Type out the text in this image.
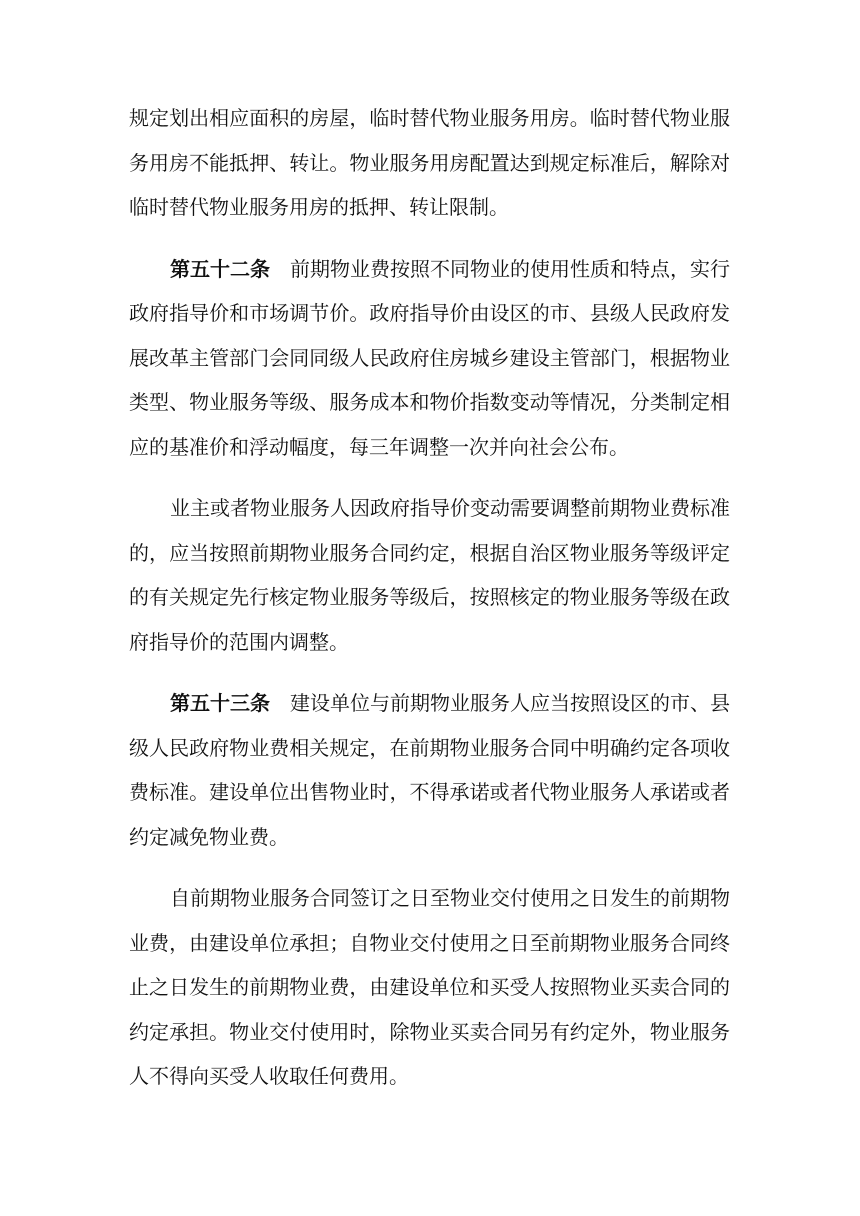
规定划出相应面积的房屋，临时替代物业服务用房。临时替代物业服务用房不能抵押、转让。物业服务用房配置达到规定标准后，解除对临时替代物业服务用房的抵押、转让限制。

第五十二条 前期物业费按照不同物业的使用性质和特点，实行政府指导价和市场调节价。政府指导价由设区的市、县级人民政府发展改革主管部门会同同级人民政府住房城乡建设主管部门，根据物业类型、物业服务等级、服务成本和物价指数变动等情况，分类制定相应的基准价和浮动幅度，每三年调整一次并向社会公布。

业主或者物业服务人因政府指导价变动需要调整前期物业费标准的，应当按照前期物业服务合同约定，根据自治区物业服务等级评定的有关规定先行核定物业服务等级后，按照核定的物业服务等级在政府指导价的范围内调整。

第五十三条 建设单位与前期物业服务人应当按照设区的市、县级人民政府物业费相关规定，在前期物业服务合同中明确约定各项收费标准。建设单位出售物业时，不得承诺或者代物业服务人承诺或者约定减免物业费。

自前期物业服务合同签订之日至物业交付使用之日发生的前期物业费，由建设单位承担；自物业交付使用之日至前期物业服务合同终止之日发生的前期物业费，由建设单位和买受人按照物业买卖合同的约定承担。物业交付使用时，除物业买卖合同另有约定外，物业服务人不得向买受人收取任何费用。
